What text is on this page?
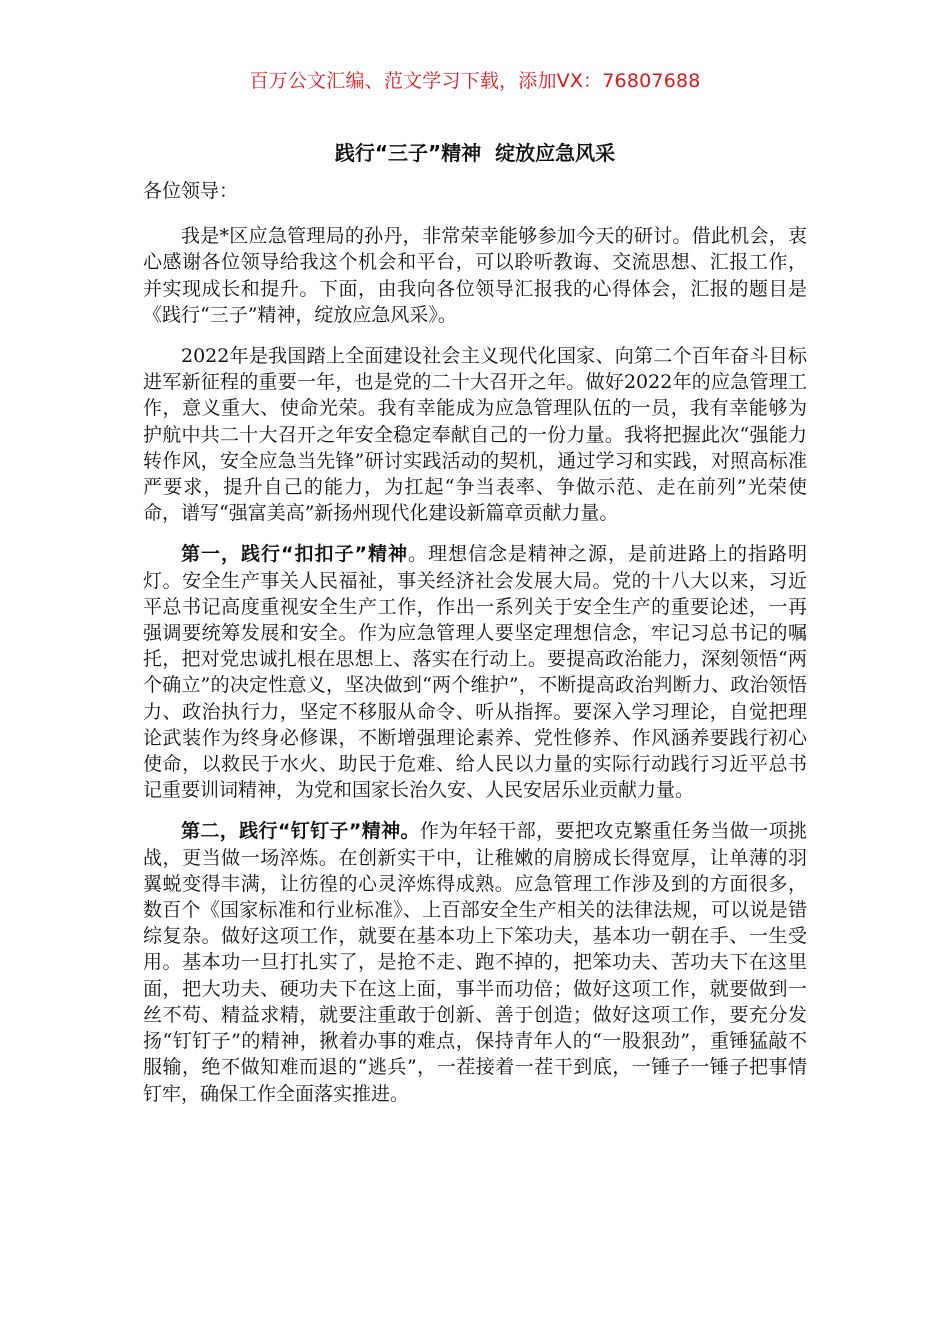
百万公文汇编、范文学习下载，添加VX：76807688
践行“三子”精神  绽放应急风采

各位领导：

我是*区应急管理局的孙丹，非常荣幸能够参加今天的研讨。借此机会，衷心感谢各位领导给我这个机会和平台，可以聆听教诲、交流思想、汇报工作，并实现成长和提升。下面，由我向各位领导汇报我的心得体会，汇报的题目是《践行“三子”精神，绽放应急风采》。

2022年是我国踏上全面建设社会主义现代化国家、向第二个百年奋斗目标进军新征程的重要一年，也是党的二十大召开之年。做好2022年的应急管理工作，意义重大、使命光荣。我有幸能成为应急管理队伍的一员，我有幸能够为护航中共二十大召开之年安全稳定奉献自己的一份力量。我将把握此次“强能力转作风，安全应急当先锋”研讨实践活动的契机，通过学习和实践，对照高标准严要求，提升自己的能力，为扛起“争当表率、争做示范、走在前列”光荣使命，谱写“强富美高”新扬州现代化建设新篇章贡献力量。

第一，践行“扣扣子”精神。理想信念是精神之源，是前进路上的指路明灯。安全生产事关人民福祉，事关经济社会发展大局。党的十八大以来，习近平总书记高度重视安全生产工作，作出一系列关于安全生产的重要论述，一再强调要统筹发展和安全。作为应急管理人要坚定理想信念，牢记习总书记的嘱托，把对党忠诚扎根在思想上、落实在行动上。要提高政治能力，深刻领悟“两个确立”的决定性意义，坚决做到“两个维护”，不断提高政治判断力、政治领悟力、政治执行力，坚定不移服从命令、听从指挥。要深入学习理论，自觉把理论武装作为终身必修课，不断增强理论素养、党性修养、作风涵养要践行初心使命，以救民于水火、助民于危难、给人民以力量的实际行动践行习近平总书记重要训词精神，为党和国家长治久安、人民安居乐业贡献力量。

第二，践行“钉钉子”精神。作为年轻干部，要把攻克繁重任务当做一项挑战，更当做一场淬炼。在创新实干中，让稚嫩的肩膀成长得宽厚，让单薄的羽翼蜕变得丰满，让彷徨的心灵淬炼得成熟。应急管理工作涉及到的方面很多，数百个《国家标准和行业标准》、上百部安全生产相关的法律法规，可以说是错综复杂。做好这项工作，就要在基本功上下笨功夫，基本功一朝在手、一生受用。基本功一旦打扎实了，是抢不走、跑不掉的，把笨功夫、苦功夫下在这里面，把大功夫、硬功夫下在这上面，事半而功倍；做好这项工作，就要做到一丝不苟、精益求精，就要注重敢于创新、善于创造；做好这项工作，要充分发扬“钉钉子”的精神，揪着办事的难点，保持青年人的“一股狠劲”，重锤猛敲不服输，绝不做知难而退的“逃兵”，一茬接着一茬干到底，一锤子一锤子把事情钉牢，确保工作全面落实推进。
